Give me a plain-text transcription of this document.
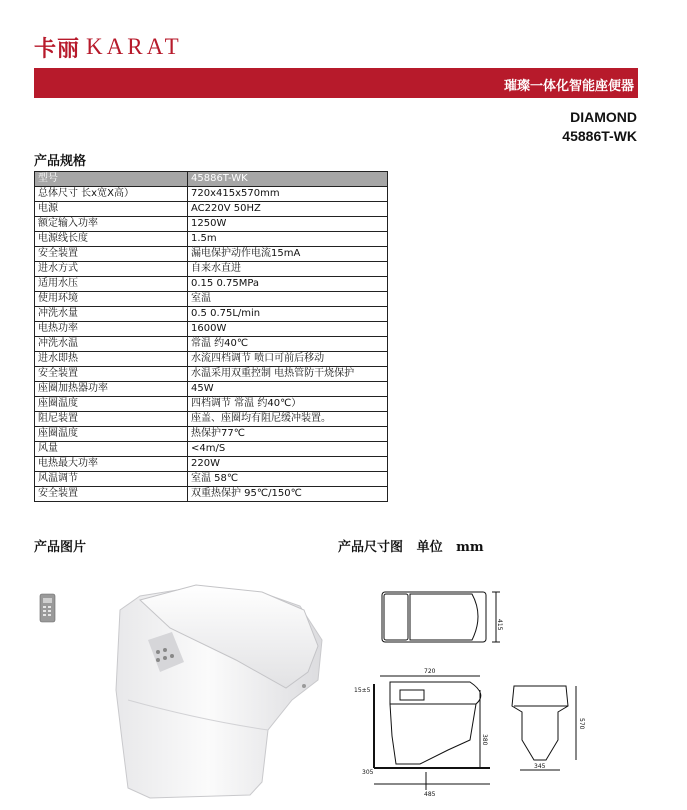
卡丽 KARAT
璀璨一体化智能座便器
DIAMOND
45886T-WK
产品规格
型号	45886T-WK
总体尺寸 长x宽X高）	720x415x570mm
电源	AC220V 50HZ
额定输入功率	1250W
电源线长度	1.5m
安全装置	漏电保护动作电流15mA
进水方式	自来水直进
适用水压	0.15 0.75MPa
使用环境	室温
冲洗水量	0.5 0.75L/min
电热功率	1600W
冲洗水温	常温 约40℃
进水即热	水流四档调节 喷口可前后移动
安全装置	水温采用双重控制 电热管防干烧保护
座圈加热器功率	45W
座圈温度	四档调节 常温 约40℃）
阻尼装置	座盖、座圈均有阻尼缓冲装置。
座圈温度	热保护77℃
风量	<4m/S
电热最大功率	220W
风温调节	室温 58℃
安全装置	双重热保护 95℃/150℃
产品图片	产品尺寸图   单位   mm
415
720
15±5
380
305
485
570
345
